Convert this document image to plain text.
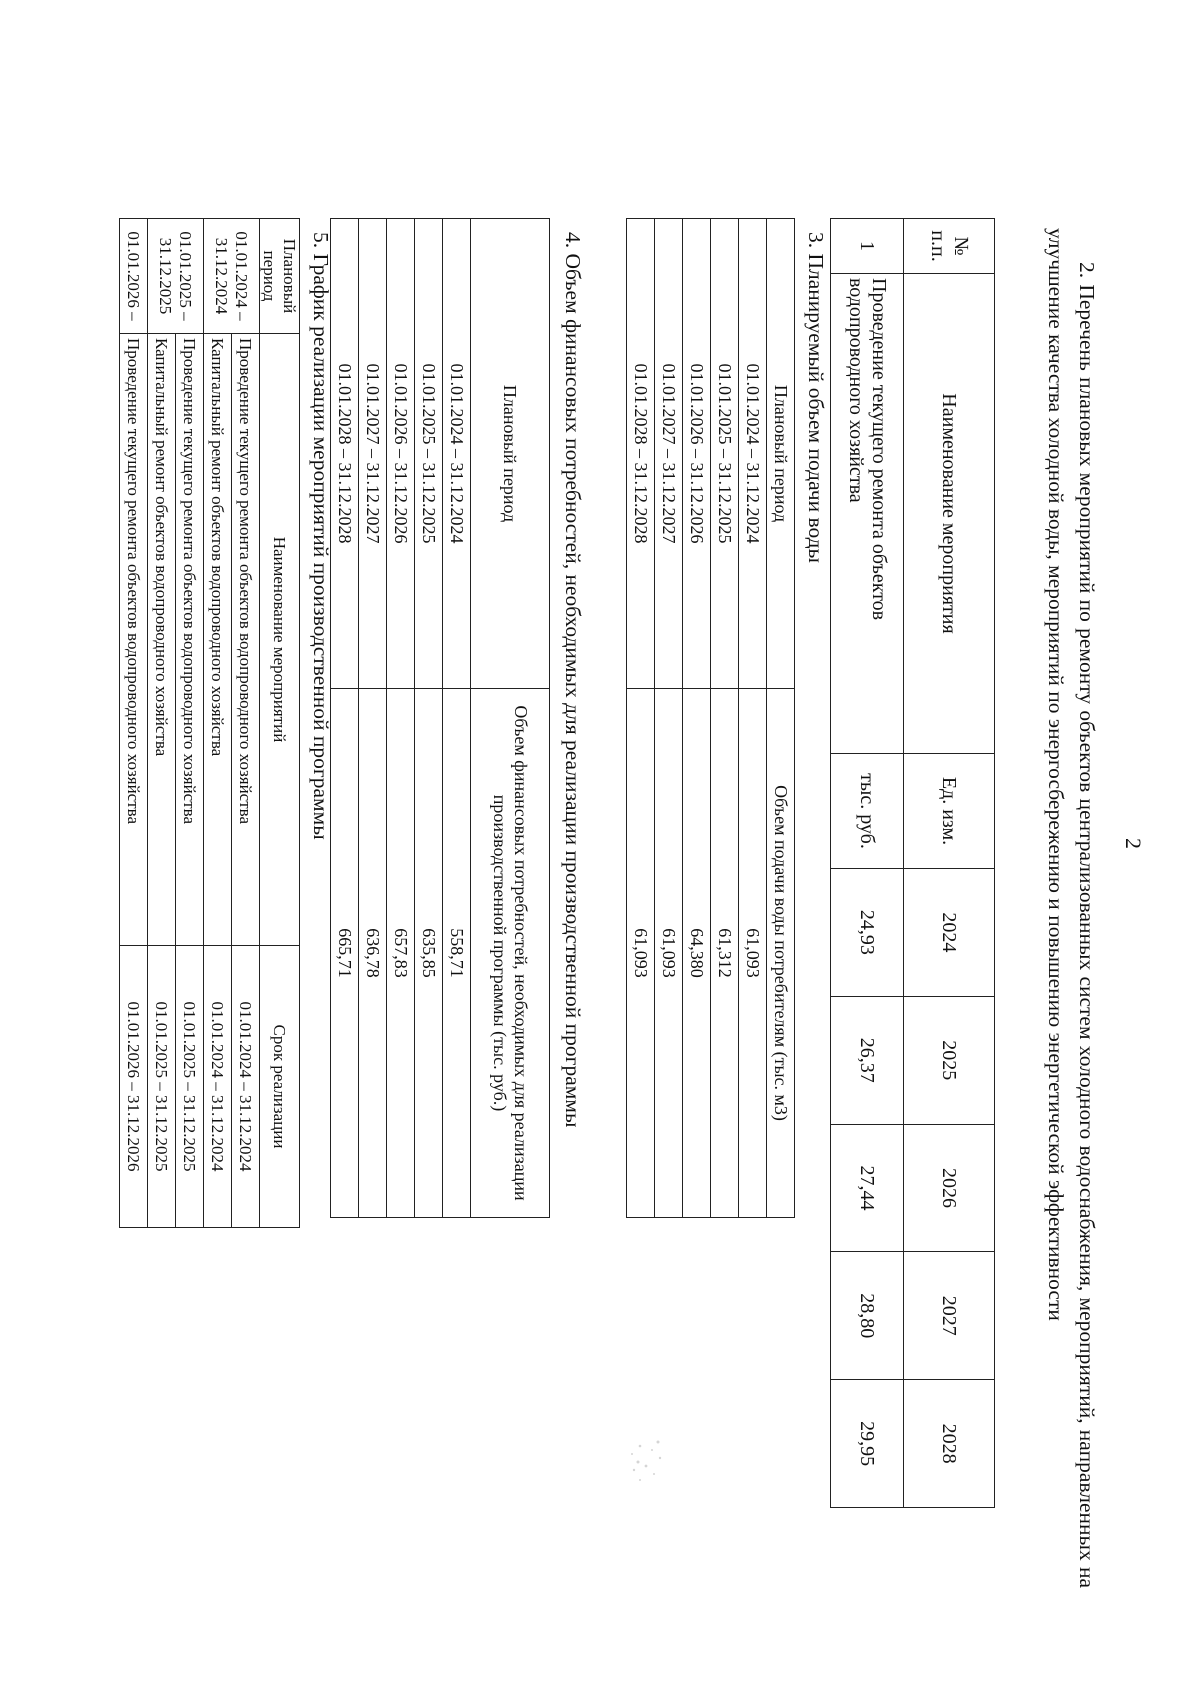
2
2. Перечень плановых мероприятий по ремонту объектов централизованных систем холодного водоснабжения, мероприятий, направленных на улучшение качества холодной воды, мероприятий по энергосбережению и повышению энергетической эффективности
№ п.п.	Наименование мероприятия	Ед. изм.	2024	2025	2026	2027	2028
1	Проведение текущего ремонта объектов водопроводного хозяйства	тыс. руб.	24,93	26,37	27,44	28,80	29,95
3. Планируемый объем подачи воды
Плановый период	Объем подачи воды потребителям (тыс. м3)
01.01.2024 – 31.12.2024	61,093
01.01.2025 – 31.12.2025	61,312
01.01.2026 – 31.12.2026	64,380
01.01.2027 – 31.12.2027	61,093
01.01.2028 – 31.12.2028	61,093
4. Объем финансовых потребностей, необходимых для реализации производственной программы
Плановый период	Объем финансовых потребностей, необходимых для реализации производственной программы (тыс. руб.)
01.01.2024 – 31.12.2024	558,71
01.01.2025 – 31.12.2025	635,85
01.01.2026 – 31.12.2026	657,83
01.01.2027 – 31.12.2027	636,78
01.01.2028 – 31.12.2028	665,71
5. График реализации мероприятий производственной программы
Плановый период	Наименование мероприятий	Срок реализации

01.01.2024 –
31.12.2024	Проведение текущего ремонта объектов водопроводного хозяйства	01.01.2024 – 31.12.2024
	Капитальный ремонт объектов водопроводного хозяйства	01.01.2024 – 31.12.2024

01.01.2025 –
31.12.2025	Проведение текущего ремонта объектов водопроводного хозяйства	01.01.2025 – 31.12.2025
	Капитальный ремонт объектов водопроводного хозяйства	01.01.2025 – 31.12.2025

01.01.2026 –	Проведение текущего ремонта объектов водопроводного хозяйства	01.01.2026 – 31.12.2026
